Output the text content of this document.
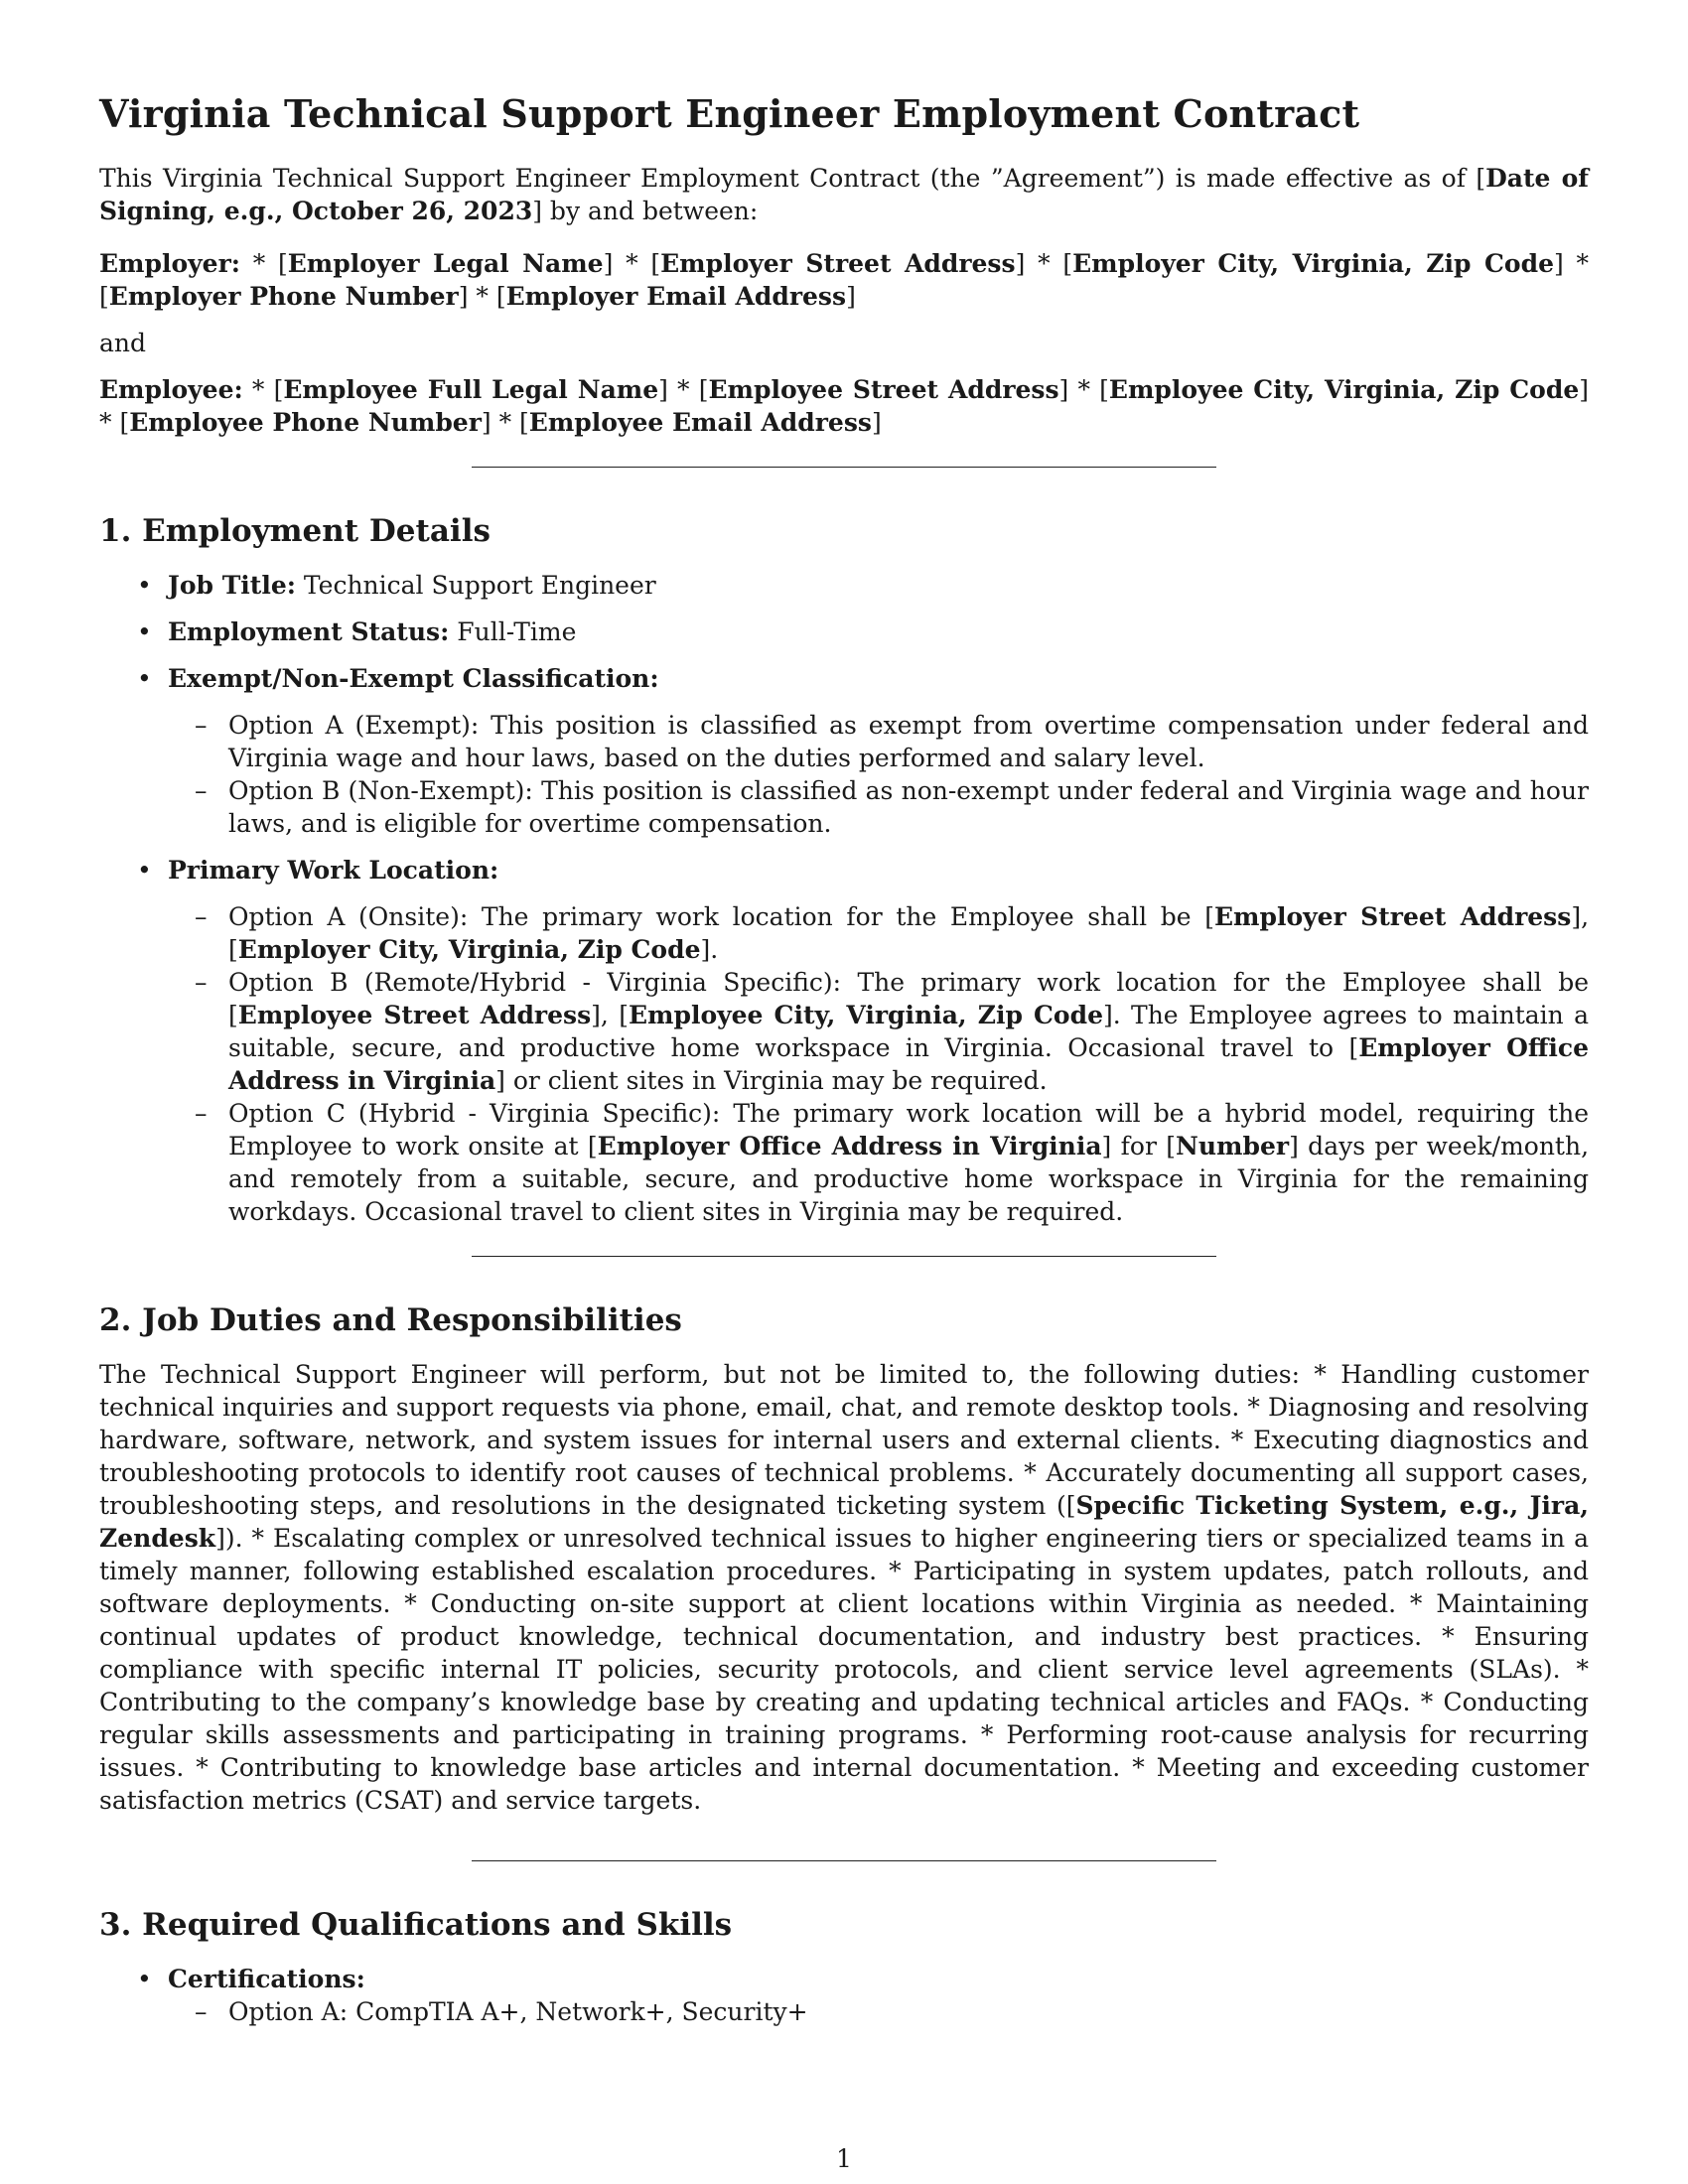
Virginia Technical Support Engineer Employment Contract

This Virginia Technical Support Engineer Employment Contract (the ”Agreement”) is made effective as of [Date of Signing, e.g., October 26, 2023] by and between:

Employer: * [Employer Legal Name] * [Employer Street Address] * [Employer City, Virginia, Zip Code] * [Employer Phone Number] * [Employer Email Address]

and

Employee: * [Employee Full Legal Name] * [Employee Street Address] * [Employee City, Virginia, Zip Code] * [Employee Phone Number] * [Employee Email Address]

1. Employment Details
• Job Title: Technical Support Engineer
• Employment Status: Full-Time
• Exempt/Non-Exempt Classification:
– Option A (Exempt): This position is classified as exempt from overtime compensation under federal and Virginia wage and hour laws, based on the duties performed and salary level.
– Option B (Non-Exempt): This position is classified as non-exempt under federal and Virginia wage and hour laws, and is eligible for overtime compensation.
• Primary Work Location:
– Option A (Onsite): The primary work location for the Employee shall be [Employer Street Address], [Employer City, Virginia, Zip Code].
– Option B (Remote/Hybrid - Virginia Specific): The primary work location for the Employee shall be [Employee Street Address], [Employee City, Virginia, Zip Code]. The Employee agrees to maintain a suitable, secure, and productive home workspace in Virginia. Occasional travel to [Employer Office Address in Virginia] or client sites in Virginia may be required.
– Option C (Hybrid - Virginia Specific): The primary work location will be a hybrid model, requiring the Employee to work onsite at [Employer Office Address in Virginia] for [Number] days per week/month, and remotely from a suitable, secure, and productive home workspace in Virginia for the remaining workdays. Occasional travel to client sites in Virginia may be required.
2. Job Duties and Responsibilities

The Technical Support Engineer will perform, but not be limited to, the following duties: * Handling customer technical inquiries and support requests via phone, email, chat, and remote desktop tools. * Diagnosing and resolving hardware, software, network, and system issues for internal users and external clients. * Executing diagnostics and troubleshooting protocols to identify root causes of technical problems. * Accurately documenting all support cases, troubleshooting steps, and resolutions in the designated ticketing system ([Specific Ticketing System, e.g., Jira, Zendesk]). * Escalating complex or unresolved technical issues to higher engineering tiers or specialized teams in a timely manner, following established escalation procedures. * Participating in system updates, patch rollouts, and software deployments. * Conducting on-site support at client locations within Virginia as needed. * Maintaining continual updates of product knowledge, technical documentation, and industry best practices. * Ensuring compliance with specific internal IT policies, security protocols, and client service level agreements (SLAs). * Contributing to the company’s knowledge base by creating and updating technical articles and FAQs. * Conducting regular skills assessments and participating in training programs. * Performing root-cause analysis for recurring issues. * Contributing to knowledge base articles and internal documentation. * Meeting and exceeding customer satisfaction metrics (CSAT) and service targets.

3. Required Qualifications and Skills
• Certifications:
– Option A: CompTIA A+, Network+, Security+
1
